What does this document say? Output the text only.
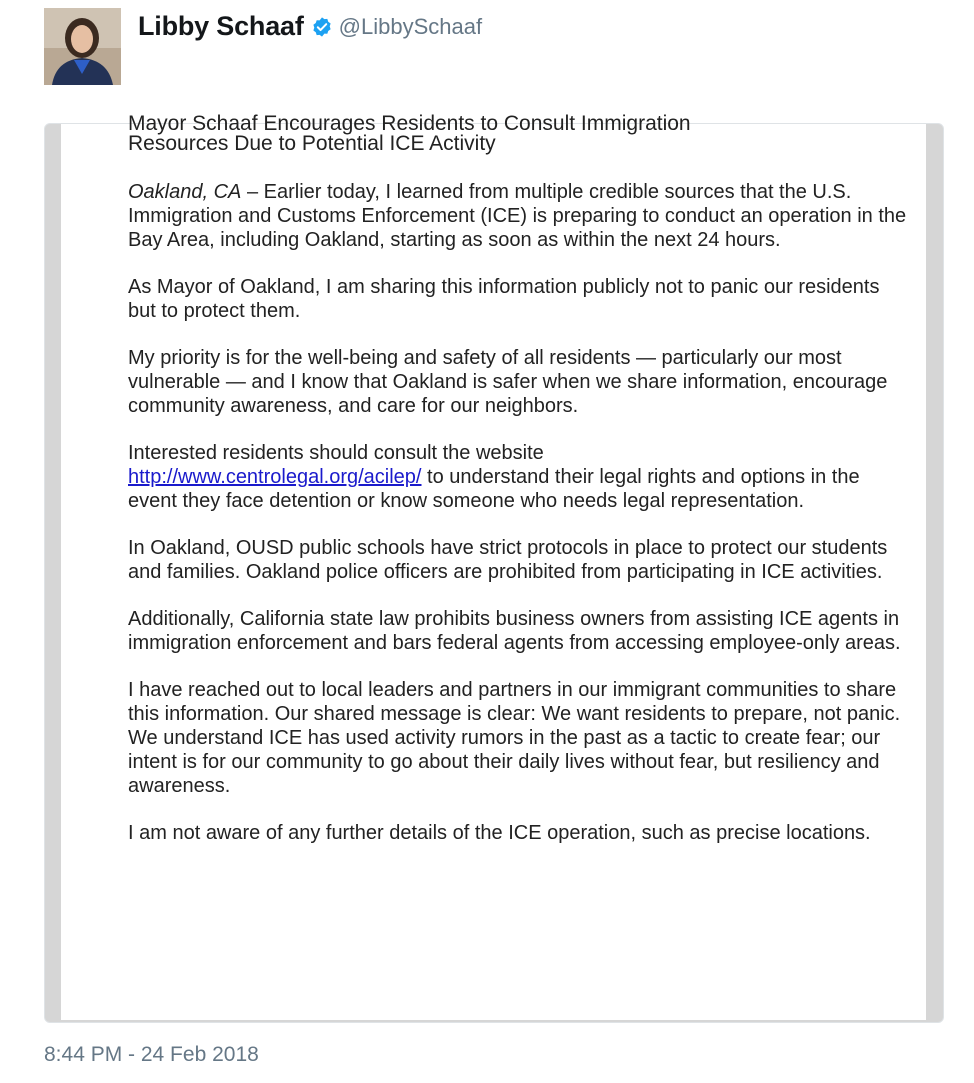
Libby Schaaf @LibbySchaaf

Mayor Schaaf Encourages Residents to Consult Immigration

Resources Due to Potential ICE Activity

Oakland, CA – Earlier today, I learned from multiple credible sources that the U.S. Immigration and Customs Enforcement (ICE) is preparing to conduct an operation in the Bay Area, including Oakland, starting as soon as within the next 24 hours.

As Mayor of Oakland, I am sharing this information publicly not to panic our residents but to protect them.

My priority is for the well-being and safety of all residents — particularly our most vulnerable — and I know that Oakland is safer when we share information, encourage community awareness, and care for our neighbors.

Interested residents should consult the website
http://www.centrolegal.org/acilep/ to understand their legal rights and options in the event they face detention or know someone who needs legal representation.

In Oakland, OUSD public schools have strict protocols in place to protect our students and families. Oakland police officers are prohibited from participating in ICE activities.

Additionally, California state law prohibits business owners from assisting ICE agents in immigration enforcement and bars federal agents from accessing employee-only areas.

I have reached out to local leaders and partners in our immigrant communities to share this information. Our shared message is clear: We want residents to prepare, not panic. We understand ICE has used activity rumors in the past as a tactic to create fear; our intent is for our community to go about their daily lives without fear, but resiliency and awareness.

I am not aware of any further details of the ICE operation, such as precise locations.

8:44 PM - 24 Feb 2018
